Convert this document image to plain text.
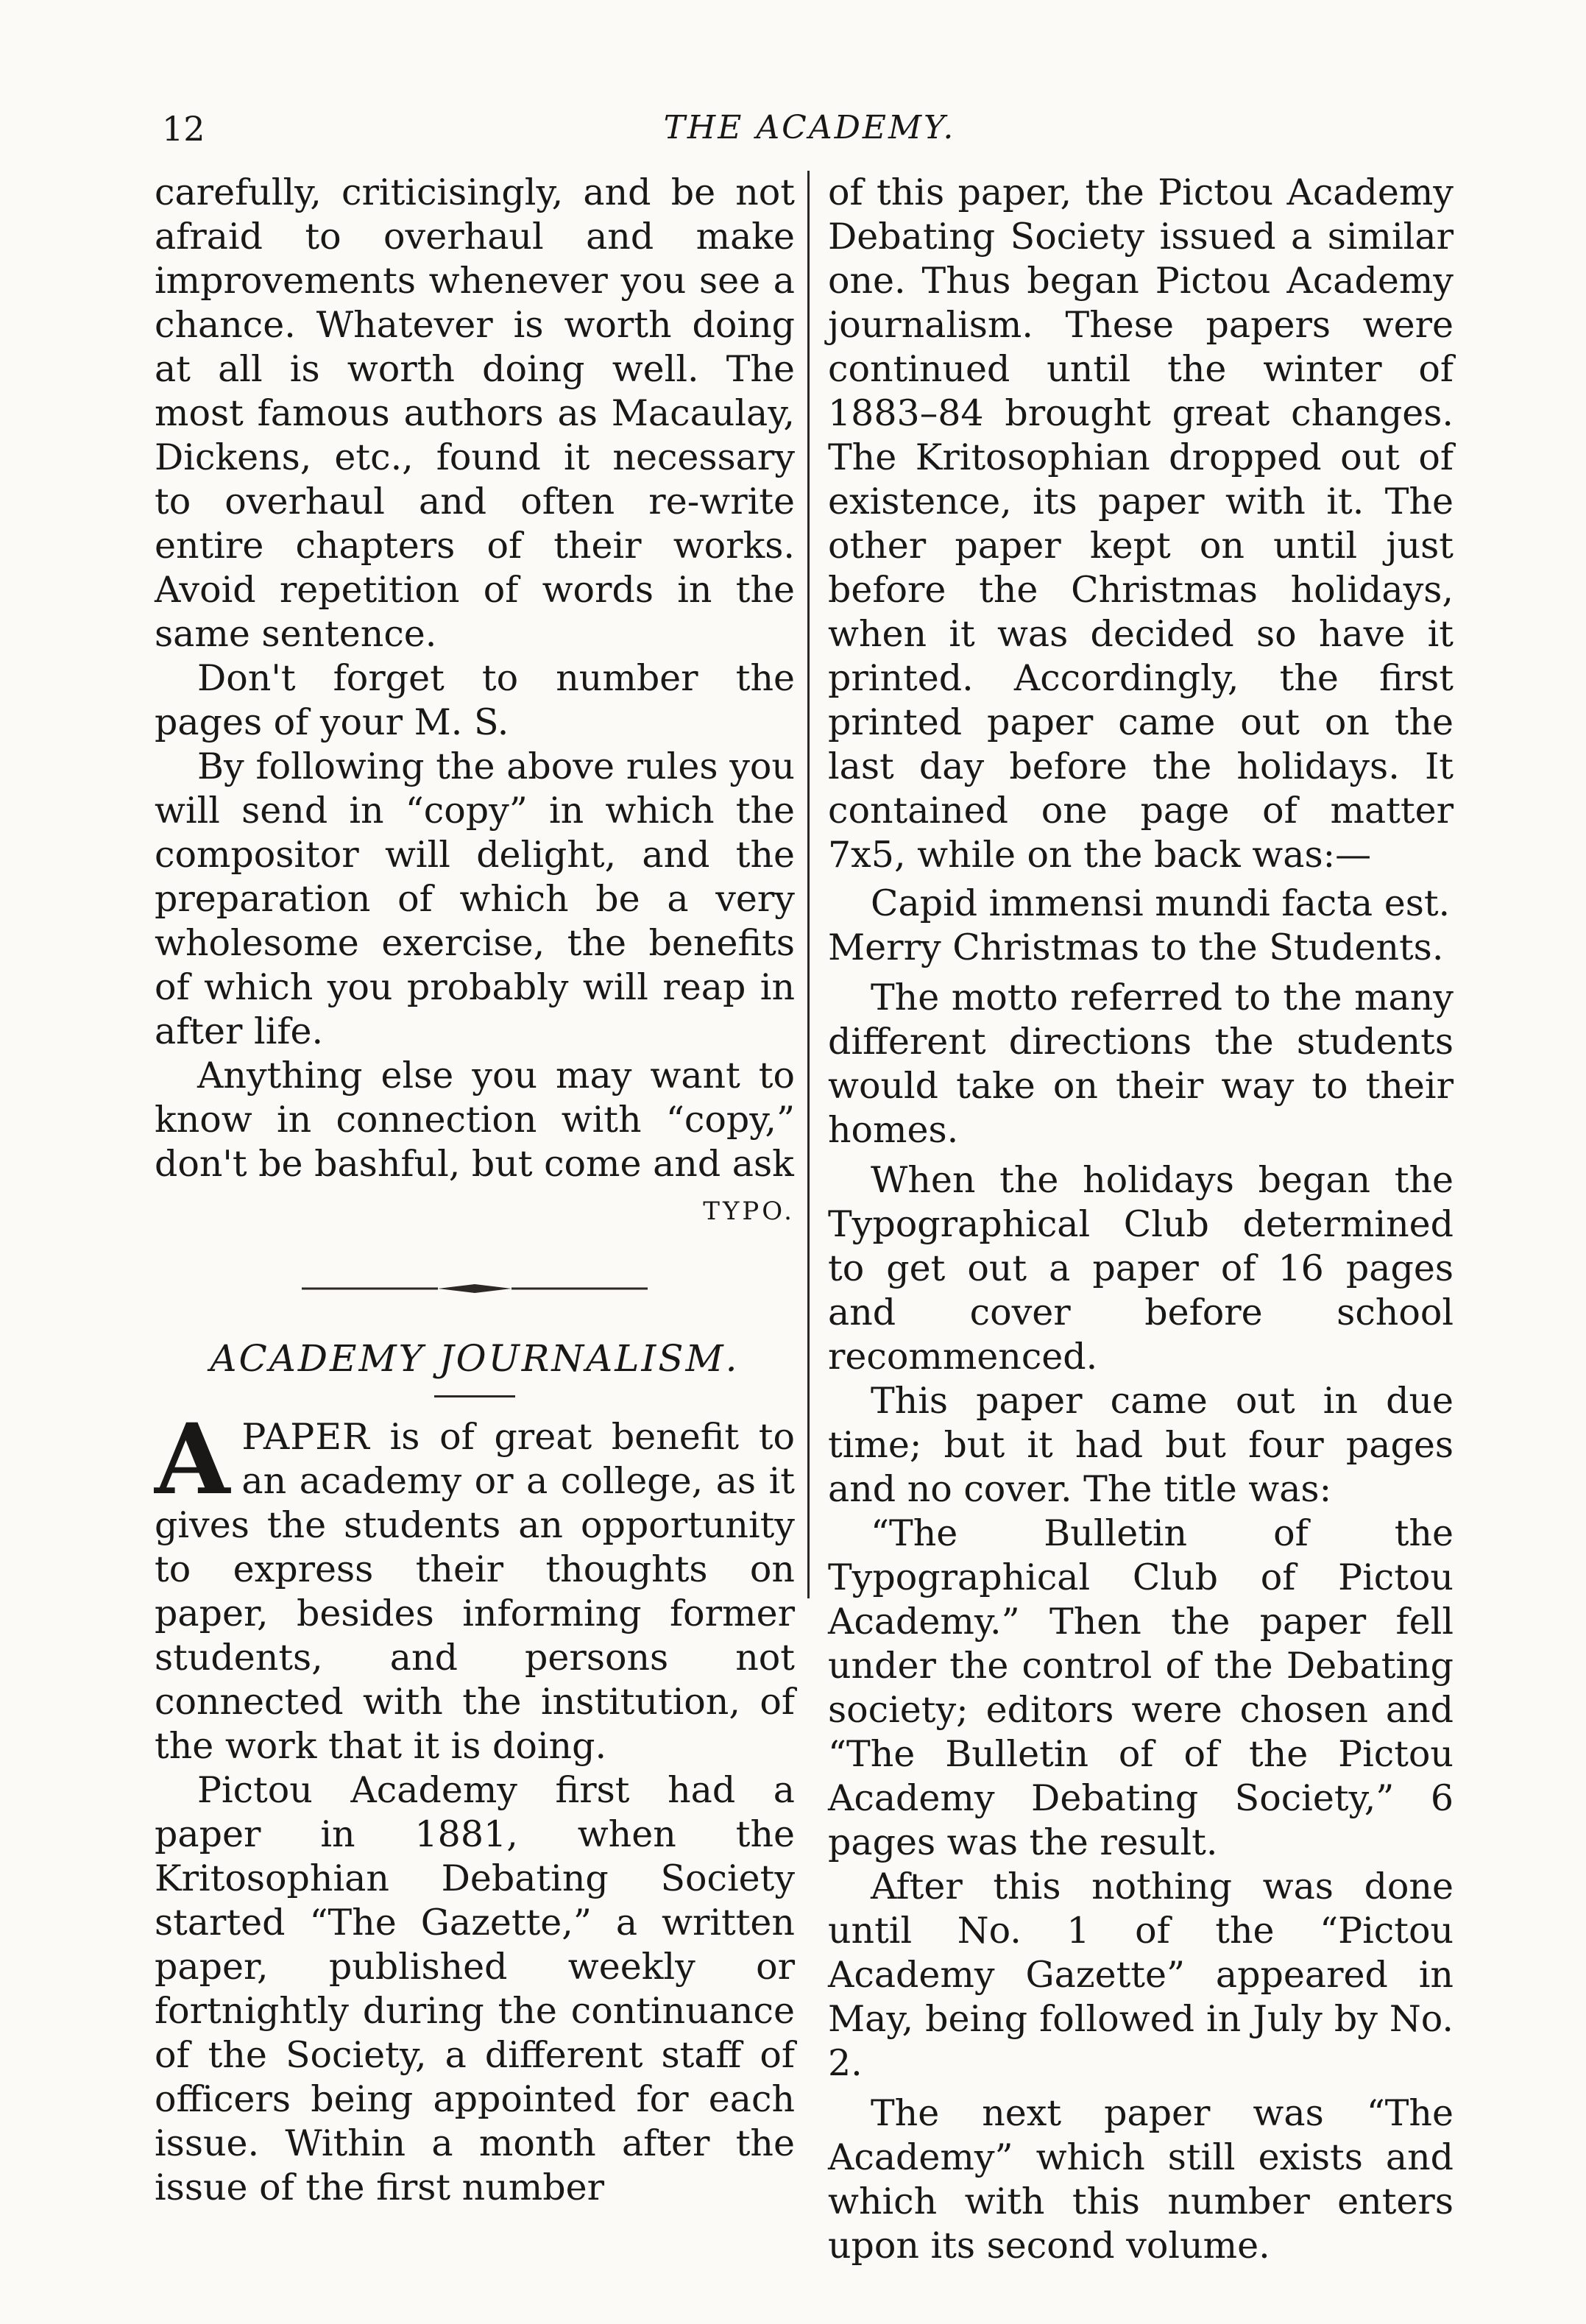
12	THE ACADEMY.

carefully, criticisingly, and be not afraid to overhaul and make improvements whenever you see a chance. Whatever is worth doing at all is worth doing well. The most famous authors as Macaulay, Dickens, etc., found it necessary to overhaul and often re-write entire chapters of their works. Avoid repetition of words in the same sentence.

Don't forget to number the pages of your M. S.

By following the above rules you will send in “copy” in which the compositor will delight, and the preparation of which be a very wholesome exercise, the benefits of which you probably will reap in after life.

Anything else you may want to know in connection with “copy,” don't be bashful, but come and ask

TYPO.

ACADEMY JOURNALISM.

APAPER is of great benefit to an academy or a college, as it gives the students an opportunity to express their thoughts on paper, besides informing former students, and persons not connected with the institution, of the work that it is doing.

Pictou Academy first had a paper in 1881, when the Kritosophian Debating Society started “The Gazette,” a written paper, published weekly or fortnightly during the continuance of the Society, a different staff of officers being appointed for each issue. Within a month after the issue of the first number

of this paper, the Pictou Academy Debating Society issued a similar one. Thus began Pictou Academy journalism. These papers were continued until the winter of 1883–84 brought great changes. The Kritosophian dropped out of existence, its paper with it. The other paper kept on until just before the Christmas holidays, when it was decided so have it printed. Accordingly, the first printed paper came out on the last day before the holidays. It contained one page of matter 7x5, while on the back was:—

Capid immensi mundi facta est.

Merry Christmas to the Students.

The motto referred to the many different directions the students would take on their way to their homes.

When the holidays began the Typographical Club determined to get out a paper of 16 pages and cover before school recommenced.

This paper came out in due time; but it had but four pages and no cover. The title was:

“The Bulletin of the Typographical Club of Pictou Academy.” Then the paper fell under the control of the Debating society; editors were chosen and “The Bulletin of of the Pictou Academy Debating Society,” 6 pages was the result.

After this nothing was done until No. 1 of the “Pictou Academy Gazette” appeared in May, being followed in July by No. 2.

The next paper was “The Academy” which still exists and which with this number enters upon its second volume.
